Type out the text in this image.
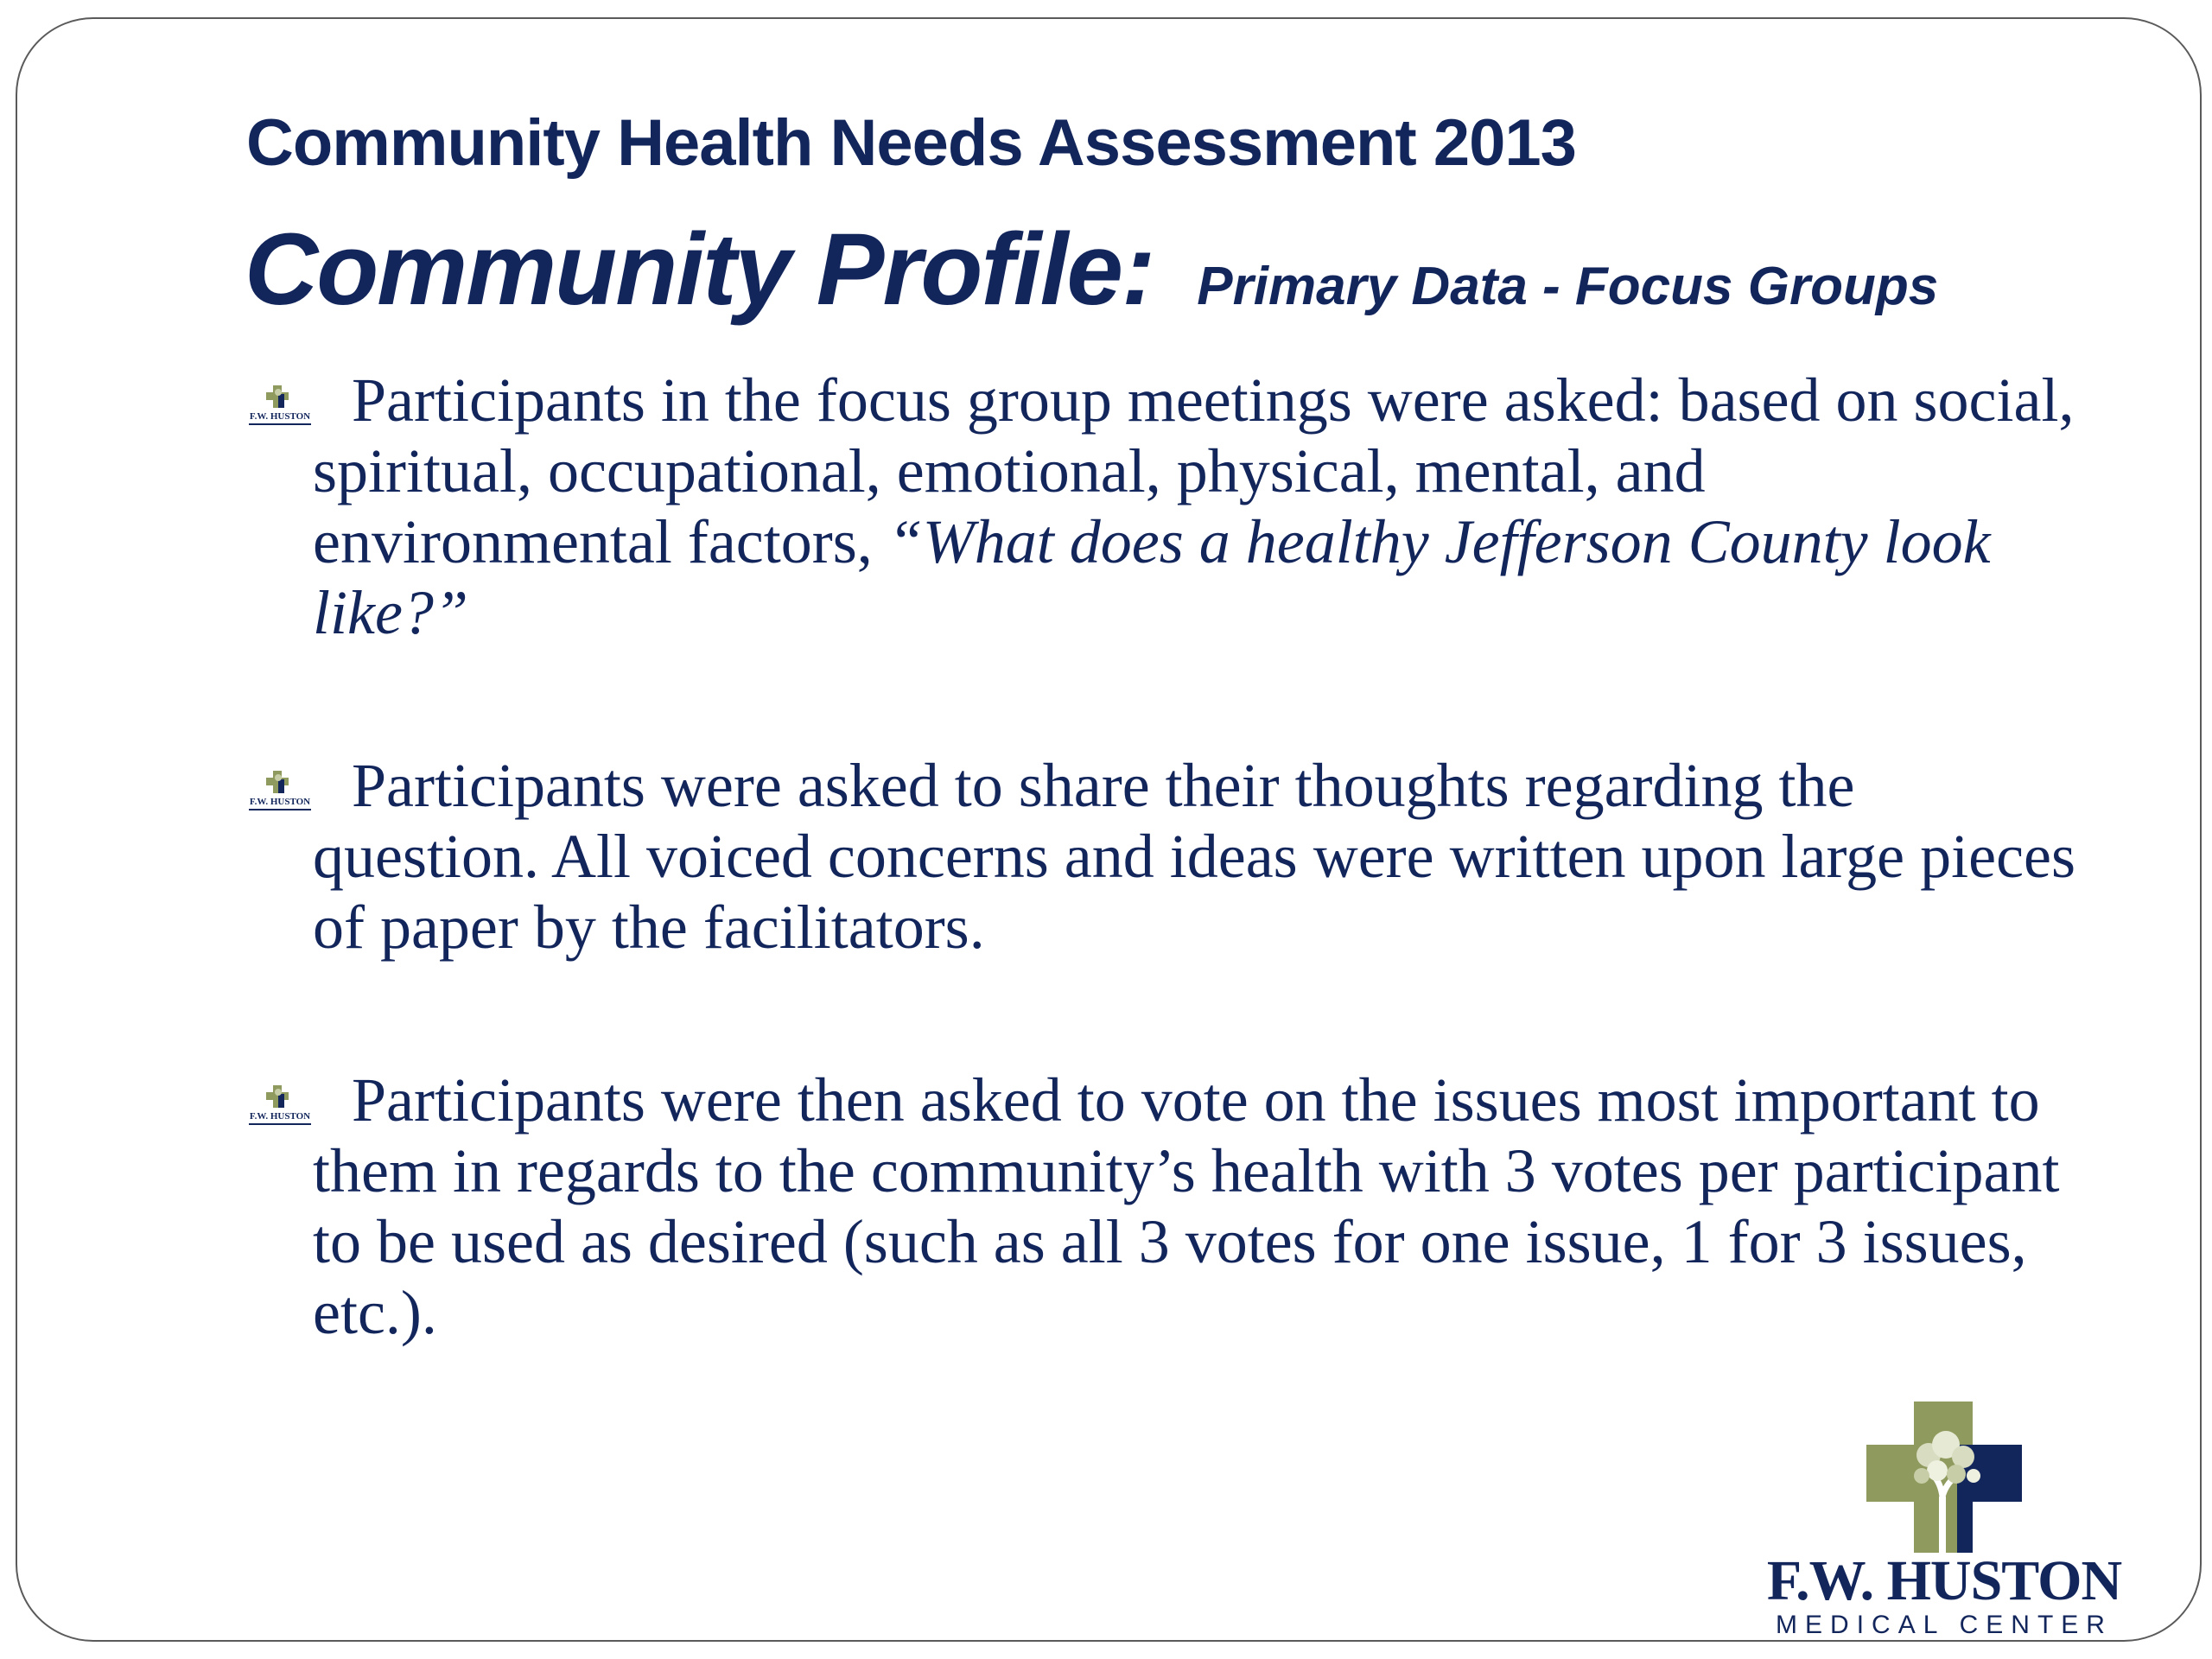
Community Health Needs Assessment 2013
Community Profile: Primary Data - Focus Groups
F.W. HUSTON Participants in the focus group meetings were asked: based on social, spiritual, occupational, emotional, physical, mental, and environmental factors, “What does a healthy Jefferson County look like?”
F.W. HUSTON Participants were asked to share their thoughts regarding the question. All voiced concerns and ideas were written upon large pieces of paper by the facilitators.
F.W. HUSTON Participants were then asked to vote on the issues most important to them in regards to the community’s health with 3 votes per participant to be used as desired (such as all 3 votes for one issue, 1 for 3 issues, etc.).
F.W. HUSTON
MEDICAL CENTER
